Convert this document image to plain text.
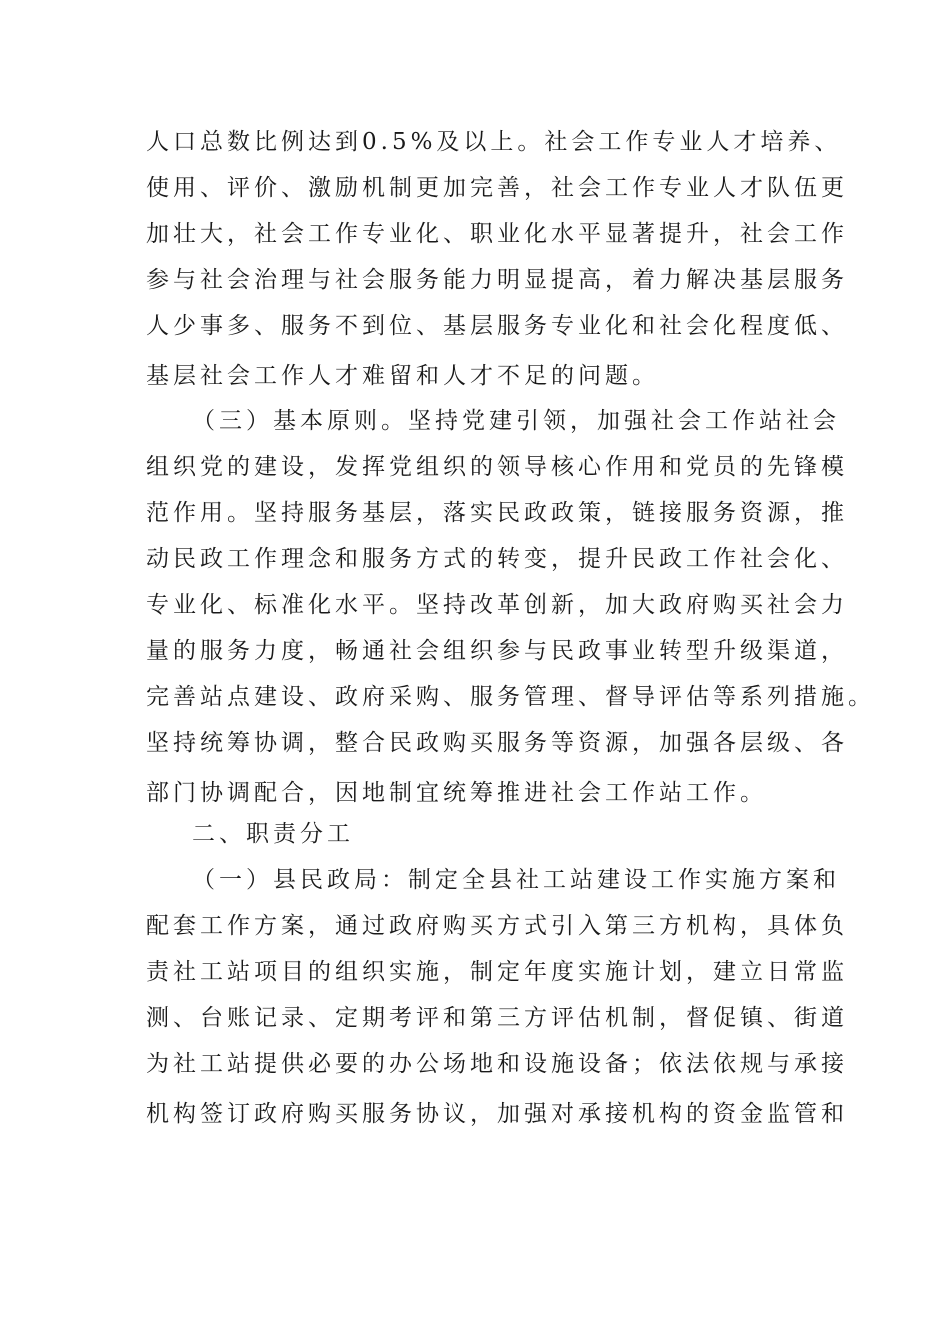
人口总数比例达到0.5%及以上。社会工作专业人才培养、
使用、评价、激励机制更加完善，社会工作专业人才队伍更
加壮大，社会工作专业化、职业化水平显著提升，社会工作
参与社会治理与社会服务能力明显提高，着力解决基层服务
人少事多、服务不到位、基层服务专业化和社会化程度低、
基层社会工作人才难留和人才不足的问题。
（三）基本原则。坚持党建引领，加强社会工作站社会
组织党的建设，发挥党组织的领导核心作用和党员的先锋模
范作用。坚持服务基层，落实民政政策，链接服务资源，推
动民政工作理念和服务方式的转变，提升民政工作社会化、
专业化、标准化水平。坚持改革创新，加大政府购买社会力
量的服务力度，畅通社会组织参与民政事业转型升级渠道，
完善站点建设、政府采购、服务管理、督导评估等系列措施。
坚持统筹协调，整合民政购买服务等资源，加强各层级、各
部门协调配合，因地制宜统筹推进社会工作站工作。
二、职责分工
（一）县民政局：制定全县社工站建设工作实施方案和
配套工作方案，通过政府购买方式引入第三方机构，具体负
责社工站项目的组织实施，制定年度实施计划，建立日常监
测、台账记录、定期考评和第三方评估机制，督促镇、街道
为社工站提供必要的办公场地和设施设备；依法依规与承接
机构签订政府购买服务协议，加强对承接机构的资金监管和
